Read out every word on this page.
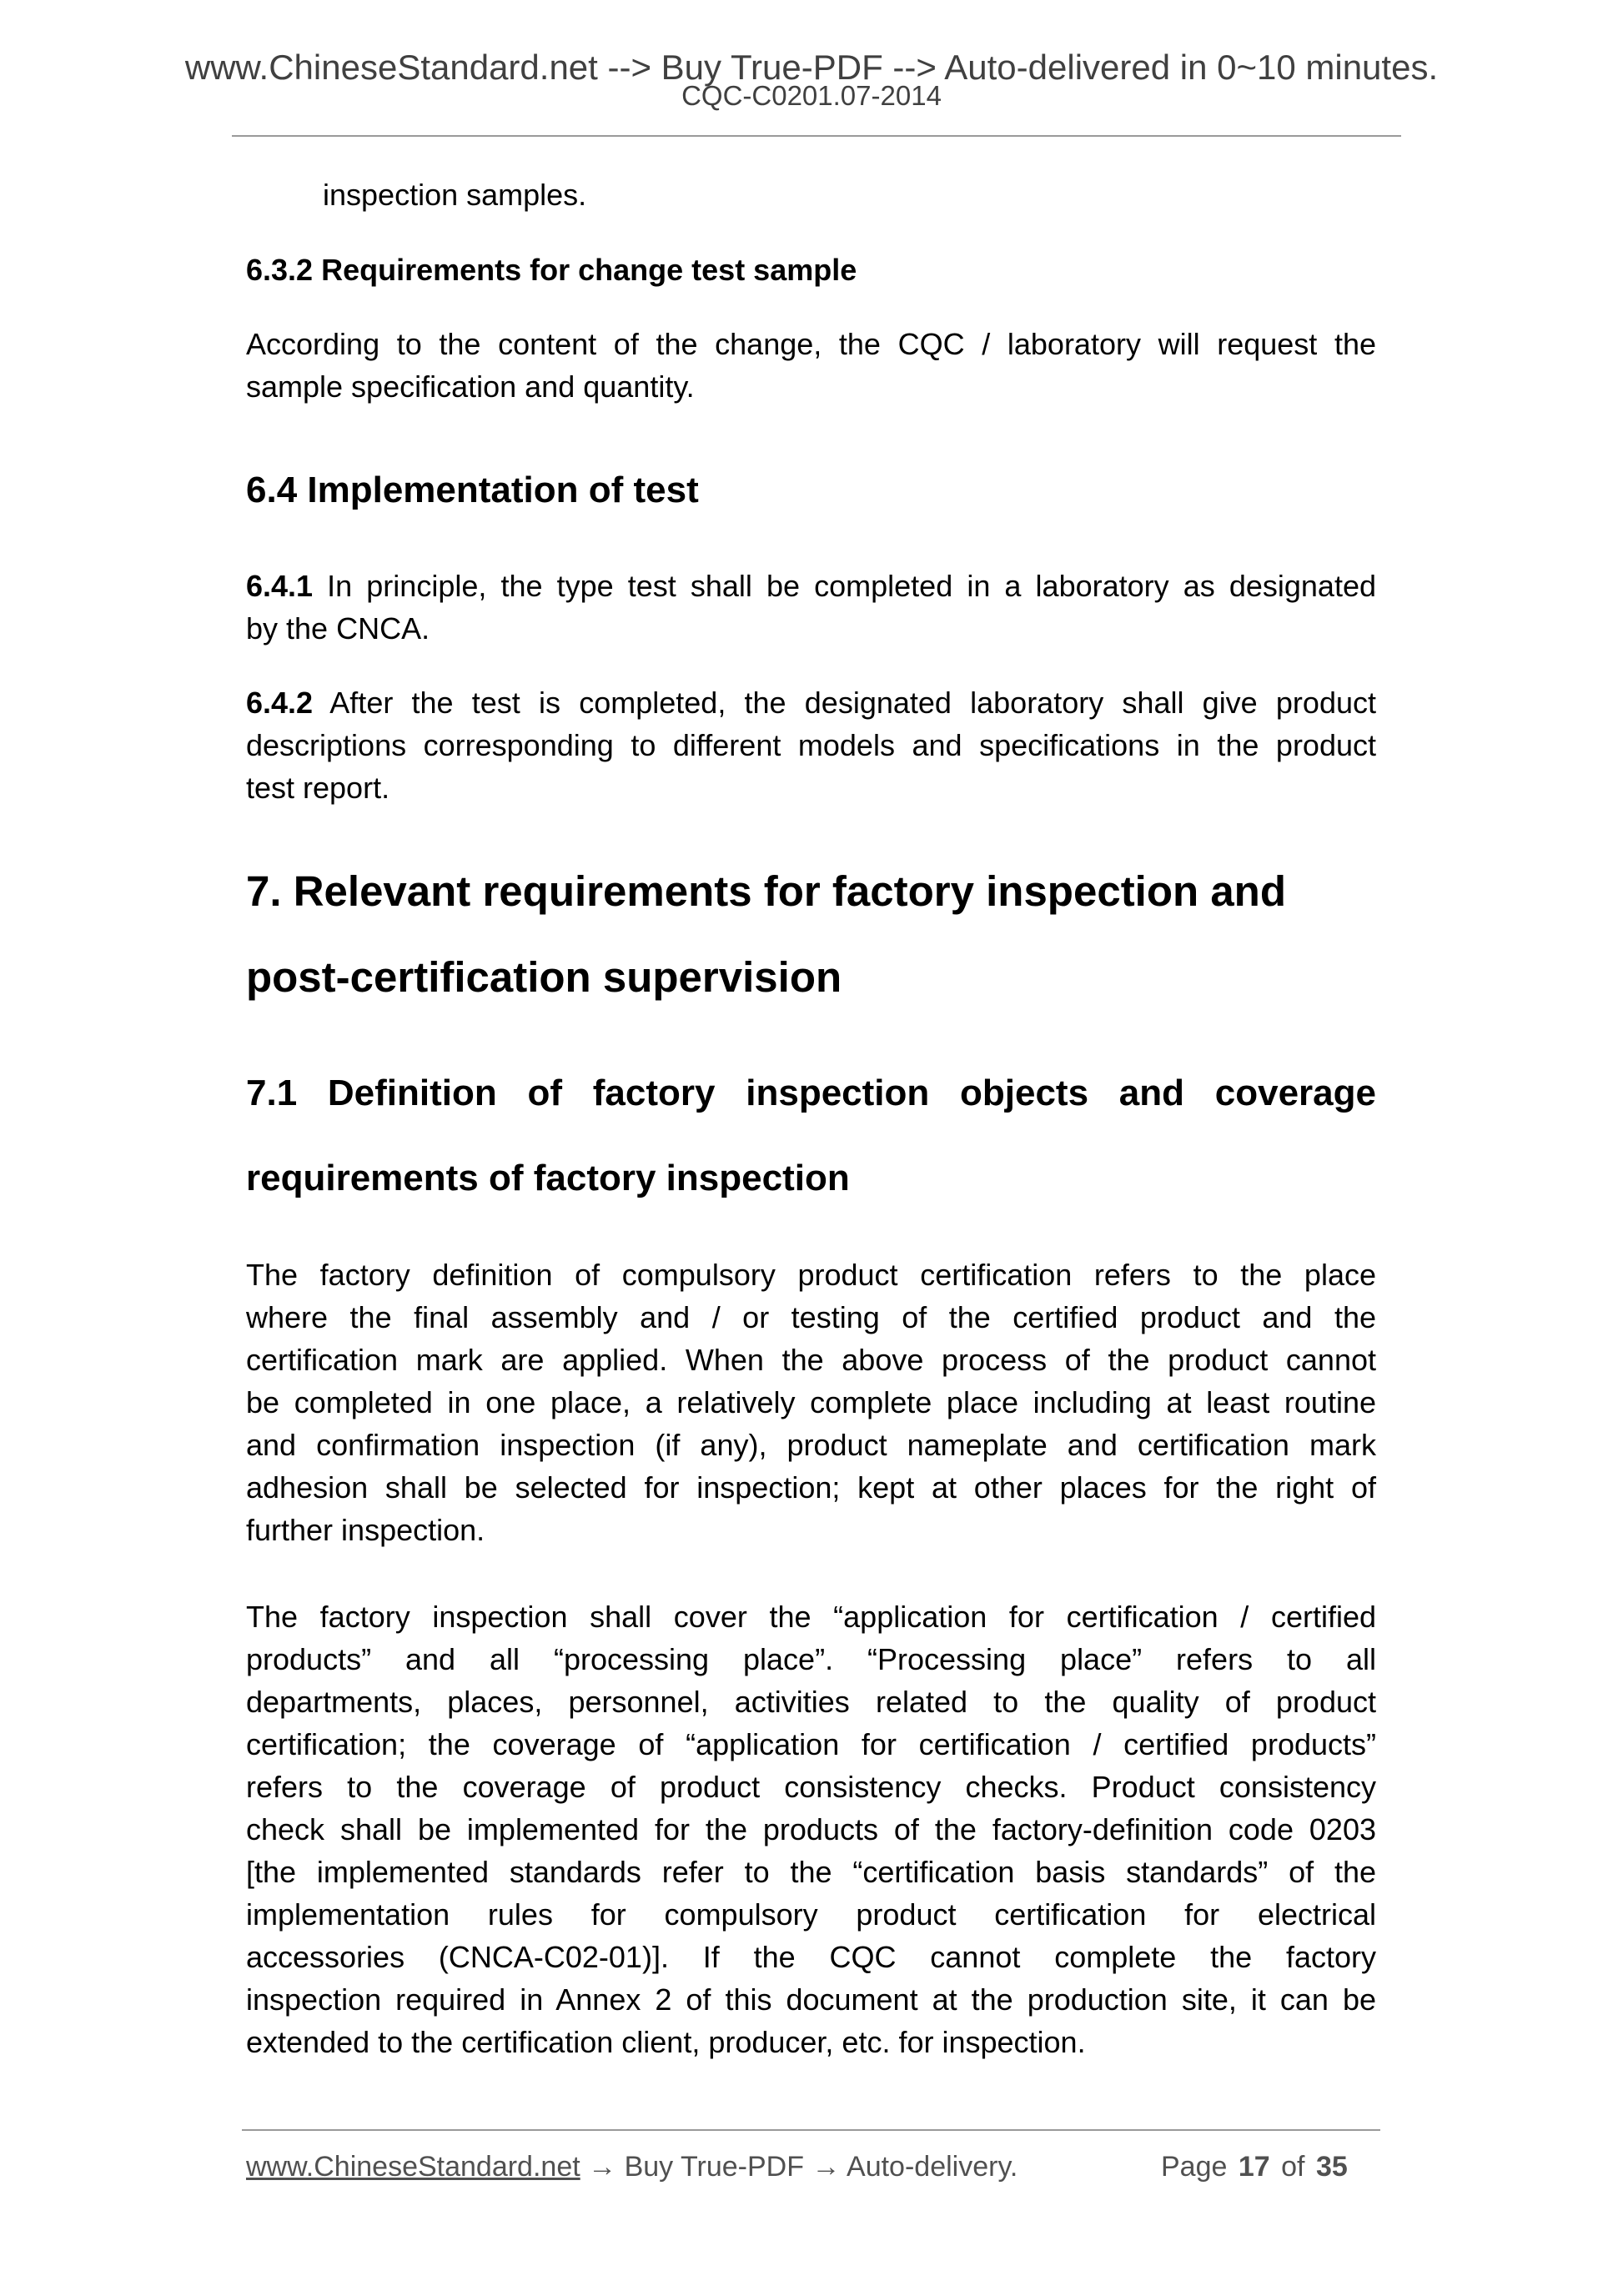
www.ChineseStandard.net --> Buy True-PDF --> Auto-delivered in 0~10 minutes.
CQC-C0201.07-2014
inspection samples.
6.3.2 Requirements for change test sample
According to the content of the change, the CQC / laboratory will request the
sample specification and quantity.
6.4 Implementation of test
6.4.1 In principle, the type test shall be completed in a laboratory as designated
by the CNCA.
6.4.2 After the test is completed, the designated laboratory shall give product
descriptions corresponding to different models and specifications in the product
test report.
7. Relevant requirements for factory inspection and
post-certification supervision
7.1 Definition of factory inspection objects and coverage
requirements of factory inspection
The factory definition of compulsory product certification refers to the place
where the final assembly and / or testing of the certified product and the
certification mark are applied. When the above process of the product cannot
be completed in one place, a relatively complete place including at least routine
and confirmation inspection (if any), product nameplate and certification mark
adhesion shall be selected for inspection; kept at other places for the right of
further inspection.
The factory inspection shall cover the “application for certification / certified
products” and all “processing place”. “Processing place” refers to all
departments, places, personnel, activities related to the quality of product
certification; the coverage of “application for certification / certified products”
refers to the coverage of product consistency checks. Product consistency
check shall be implemented for the products of the factory-definition code 0203
[the implemented standards refer to the “certification basis standards” of the
implementation rules for compulsory product certification for electrical
accessories (CNCA-C02-01)]. If the CQC cannot complete the factory
inspection required in Annex 2 of this document at the production site, it can be
extended to the certification client, producer, etc. for inspection.
www.ChineseStandard.net → Buy True-PDF → Auto-delivery.	Page 17 of 35
